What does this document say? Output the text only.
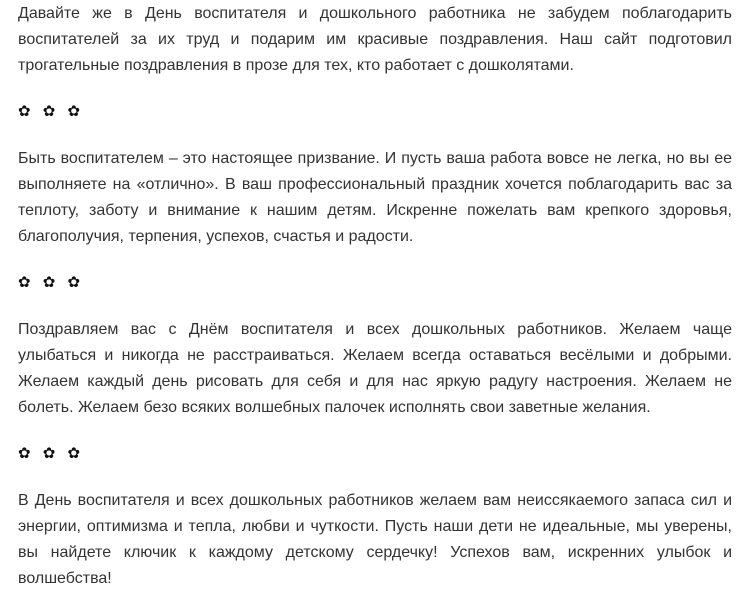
Давайте же в День воспитателя и дошкольного работника не забудем поблагодарить воспитателей за их труд и подарим им красивые поздравления. Наш сайт подготовил трогательные поздравления в прозе для тех, кто работает с дошколятами.

✿ ✿ ✿

Быть воспитателем – это настоящее призвание. И пусть ваша работа вовсе не легка, но вы ее выполняете на «отлично». В ваш профессиональный праздник хочется поблагодарить вас за теплоту, заботу и внимание к нашим детям. Искренне пожелать вам крепкого здоровья, благополучия, терпения, успехов, счастья и радости.

✿ ✿ ✿

Поздравляем вас с Днём воспитателя и всех дошкольных работников. Желаем чаще улыбаться и никогда не расстраиваться. Желаем всегда оставаться весёлыми и добрыми. Желаем каждый день рисовать для себя и для нас яркую радугу настроения. Желаем не болеть. Желаем безо всяких волшебных палочек исполнять свои заветные желания.

✿ ✿ ✿

В День воспитателя и всех дошкольных работников желаем вам неиссякаемого запаса сил и энергии, оптимизма и тепла, любви и чуткости. Пусть наши дети не идеальные, мы уверены, вы найдете ключик к каждому детскому сердечку! Успехов вам, искренних улыбок и волшебства!
